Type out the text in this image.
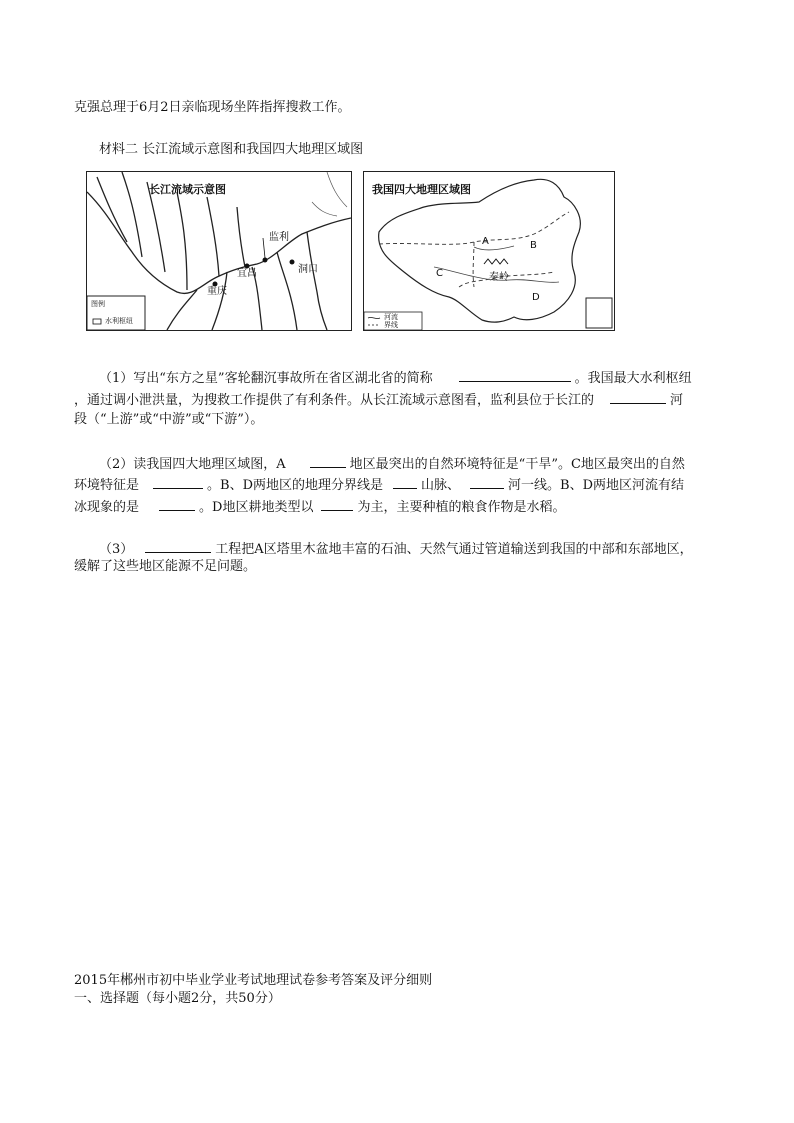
克强总理于6月2日亲临现场坐阵指挥搜救工作。
材料二 长江流域示意图和我国四大地理区域图
长江流域示意图
监利
宜昌	洞口
重庆
图例
水利枢纽
我国四大地理区域图
A	B
C
D
秦岭
河流
界线
（1）写出“东方之星”客轮翻沉事故所在省区湖北省的简称	。我国最大水利枢纽
，通过调小泄洪量，为搜救工作提供了有利条件。从长江流域示意图看，监利县位于长江的	河
段（“上游”或“中游”或“下游”）。
（2）读我国四大地理区域图，A	地区最突出的自然环境特征是“干旱”。C地区最突出的自然
环境特征是	。B、D两地区的地理分界线是	山脉、	河一线。B、D两地区河流有结
冰现象的是	。D地区耕地类型以	为主，主要种植的粮食作物是水稻。
（3）	工程把A区塔里木盆地丰富的石油、天然气通过管道输送到我国的中部和东部地区，
缓解了这些地区能源不足问题。
2015年郴州市初中毕业学业考试地理试卷参考答案及评分细则
一、选择题（每小题2分，共50分）
